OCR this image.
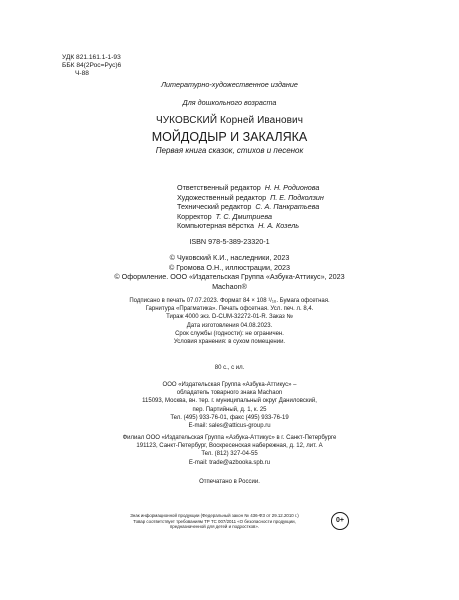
УДК 821.161.1-1-93
ББК 84(2Рос=Рус)6
Ч-88
Литературно-художественное издание
Для дошкольного возраста
ЧУКОВСКИЙ Корней Иванович
МОЙДОДЫР И ЗАКАЛЯКА
Первая книга сказок, стихов и песенок
Ответственный редактор Н. Н. Родионова
Художественный редактор П. Е. Подколзин
Технический редактор С. А. Панкратьева
Корректор Т. С. Дмитриева
Компьютерная вёрстка Н. А. Козель
ISBN 978-5-389-23320-1
© Чуковский К.И., наследники, 2023
© Громова О.Н., иллюстрации, 2023
© Оформление. ООО «Издательская Группа «Азбука-Аттикус», 2023
Machaon®
Подписано в печать 07.07.2023. Формат 84 × 108 ¹/₁₆. Бумага офсетная.
Гарнитура «Прагматика». Печать офсетная. Усл. печ. л. 8,4.
Тираж 4000 экз. D-CUM-32272-01-R. Заказ №
Дата изготовления 04.08.2023.
Срок службы (годности): не ограничен.
Условия хранения: в сухом помещении.
80 с., с ил.
ООО «Издательская Группа «Азбука-Аттикус» –
обладатель товарного знака Machaon
115093, Москва, вн. тер. г. муниципальный округ Даниловский,
пер. Партийный, д. 1, к. 25
Тел. (495) 933-76-01, факс (495) 933-76-19
E-mail: sales@atticus-group.ru
Филиал ООО «Издательская Группа «Азбука-Аттикус» в г. Санкт-Петербурге
191123, Санкт-Петербург, Воскресенская набережная, д. 12, лит. А
Тел. (812) 327-04-55
E-mail: trade@azbooka.spb.ru
Отпечатано в России.
Знак информационной продукции (Федеральный закон № 436-ФЗ от 29.12.2010 г.)
Товар соответствует требованиям ТР ТС 007/2011 «О безопасности продукции,
предназначенной для детей и подростков».
0+
